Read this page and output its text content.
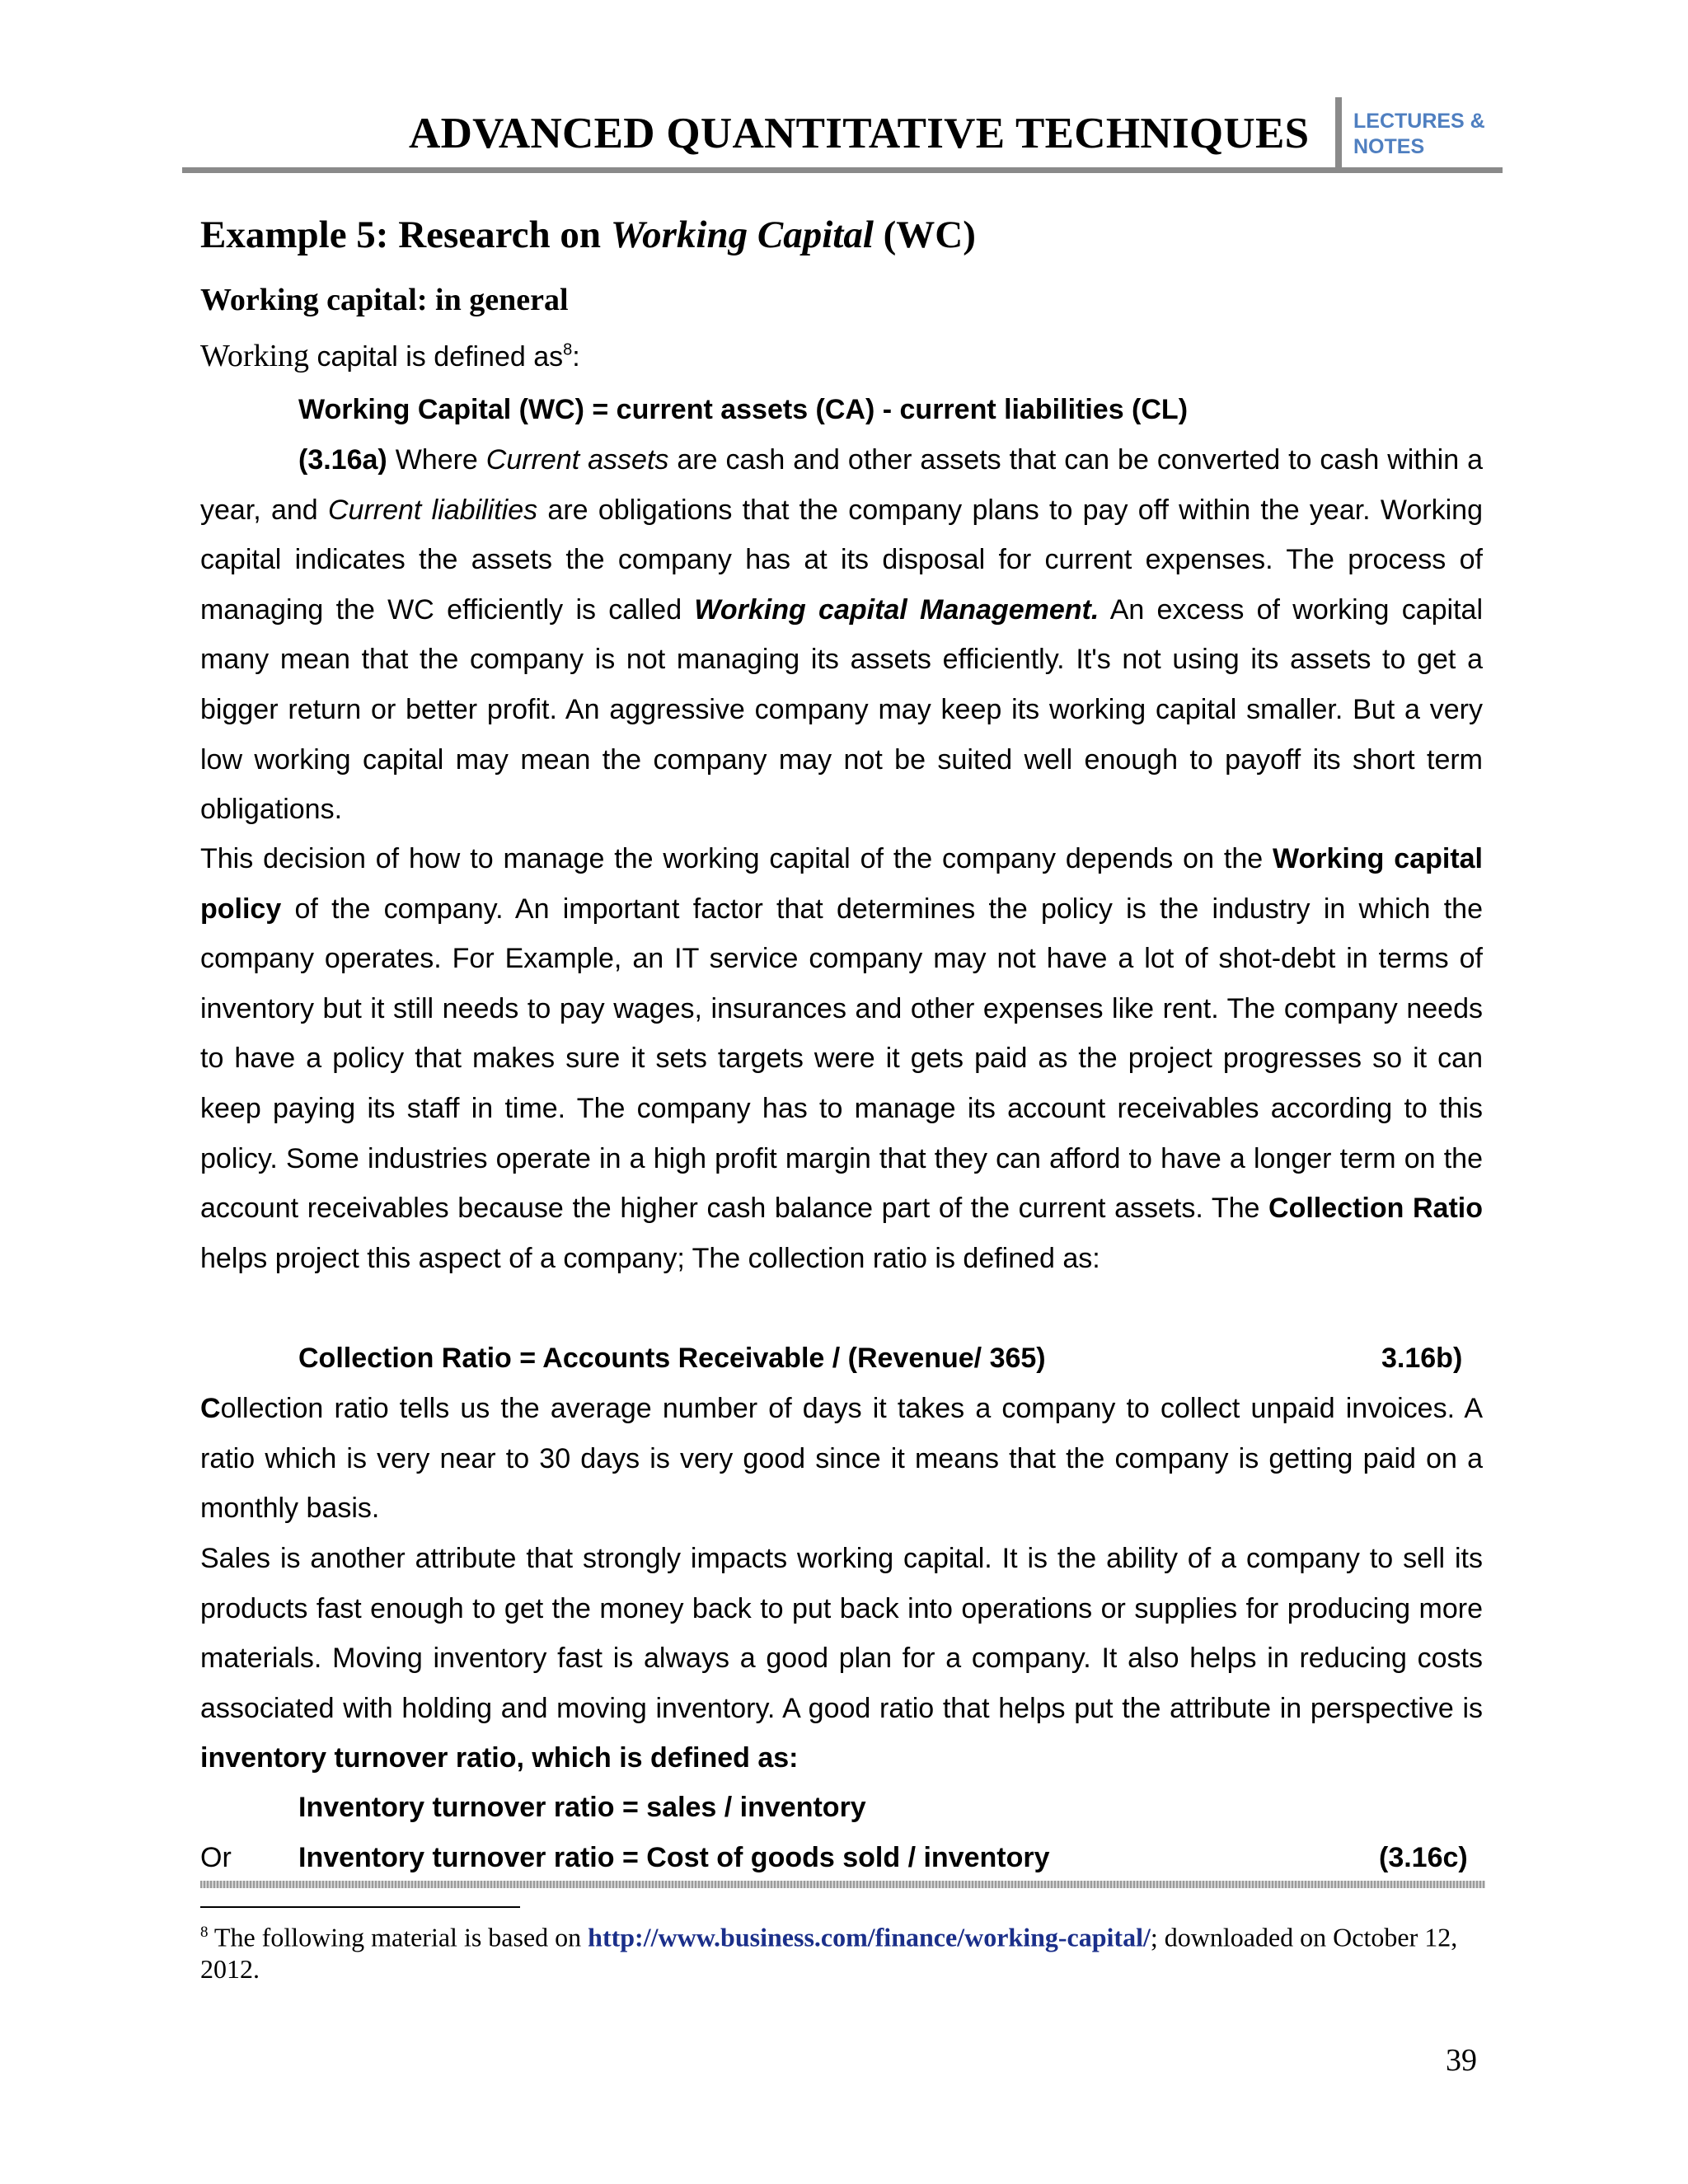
ADVANCED QUANTITATIVE TECHNIQUES LECTURES &
NOTES
Example 5: Research on Working Capital (WC)
Working capital: in general
Working capital is defined $as^8$:
Working Capital (WC) = current assets (CA) - current liabilities (CL)

(3.16a) Where Current assets are cash and other assets that can be converted to cash within a year, and Current liabilities are obligations that the company plans to pay off within the year. Working capital indicates the assets the company has at its disposal for current expenses. The process of managing the WC efficiently is called Working capital Management. An excess of working capital many mean that the company is not managing its assets efficiently. It's not using its assets to get a bigger return or better profit. An aggressive company may keep its working capital smaller. But a very low working capital may mean the company may not be suited well enough to payoff its short term obligations.

This decision of how to manage the working capital of the company depends on the Working capital policy of the company. An important factor that determines the policy is the industry in which the company operates. For Example, an IT service company may not have a lot of shot-debt in terms of inventory but it still needs to pay wages, insurances and other expenses like rent. The company needs to have a policy that makes sure it sets targets were it gets paid as the project progresses so it can keep paying its staff in time. The company has to manage its account receivables according to this policy. Some industries operate in a high profit margin that they can afford to have a longer term on the account receivables because the higher cash balance part of the current assets. The Collection Ratio helps project this aspect of a company; The collection ratio is defined as:

Collection Ratio = Accounts Receivable / (Revenue/ 365)	3.16b)

Collection ratio tells us the average number of days it takes a company to collect unpaid invoices. A ratio which is very near to 30 days is very good since it means that the company is getting paid on a monthly basis.

Sales is another attribute that strongly impacts working capital. It is the ability of a company to sell its products fast enough to get the money back to put back into operations or supplies for producing more materials. Moving inventory fast is always a good plan for a company. It also helps in reducing costs associated with holding and moving inventory. A good ratio that helps put the attribute in perspective is inventory turnover ratio, which is defined as:

Inventory turnover ratio = sales / inventory
Or Inventory turnover ratio = Cost of goods sold / inventory	(3.16c)

$^8$ The following material is based on http://www.business.com/finance/working-capital/; downloaded on October 12, 2012.

39
